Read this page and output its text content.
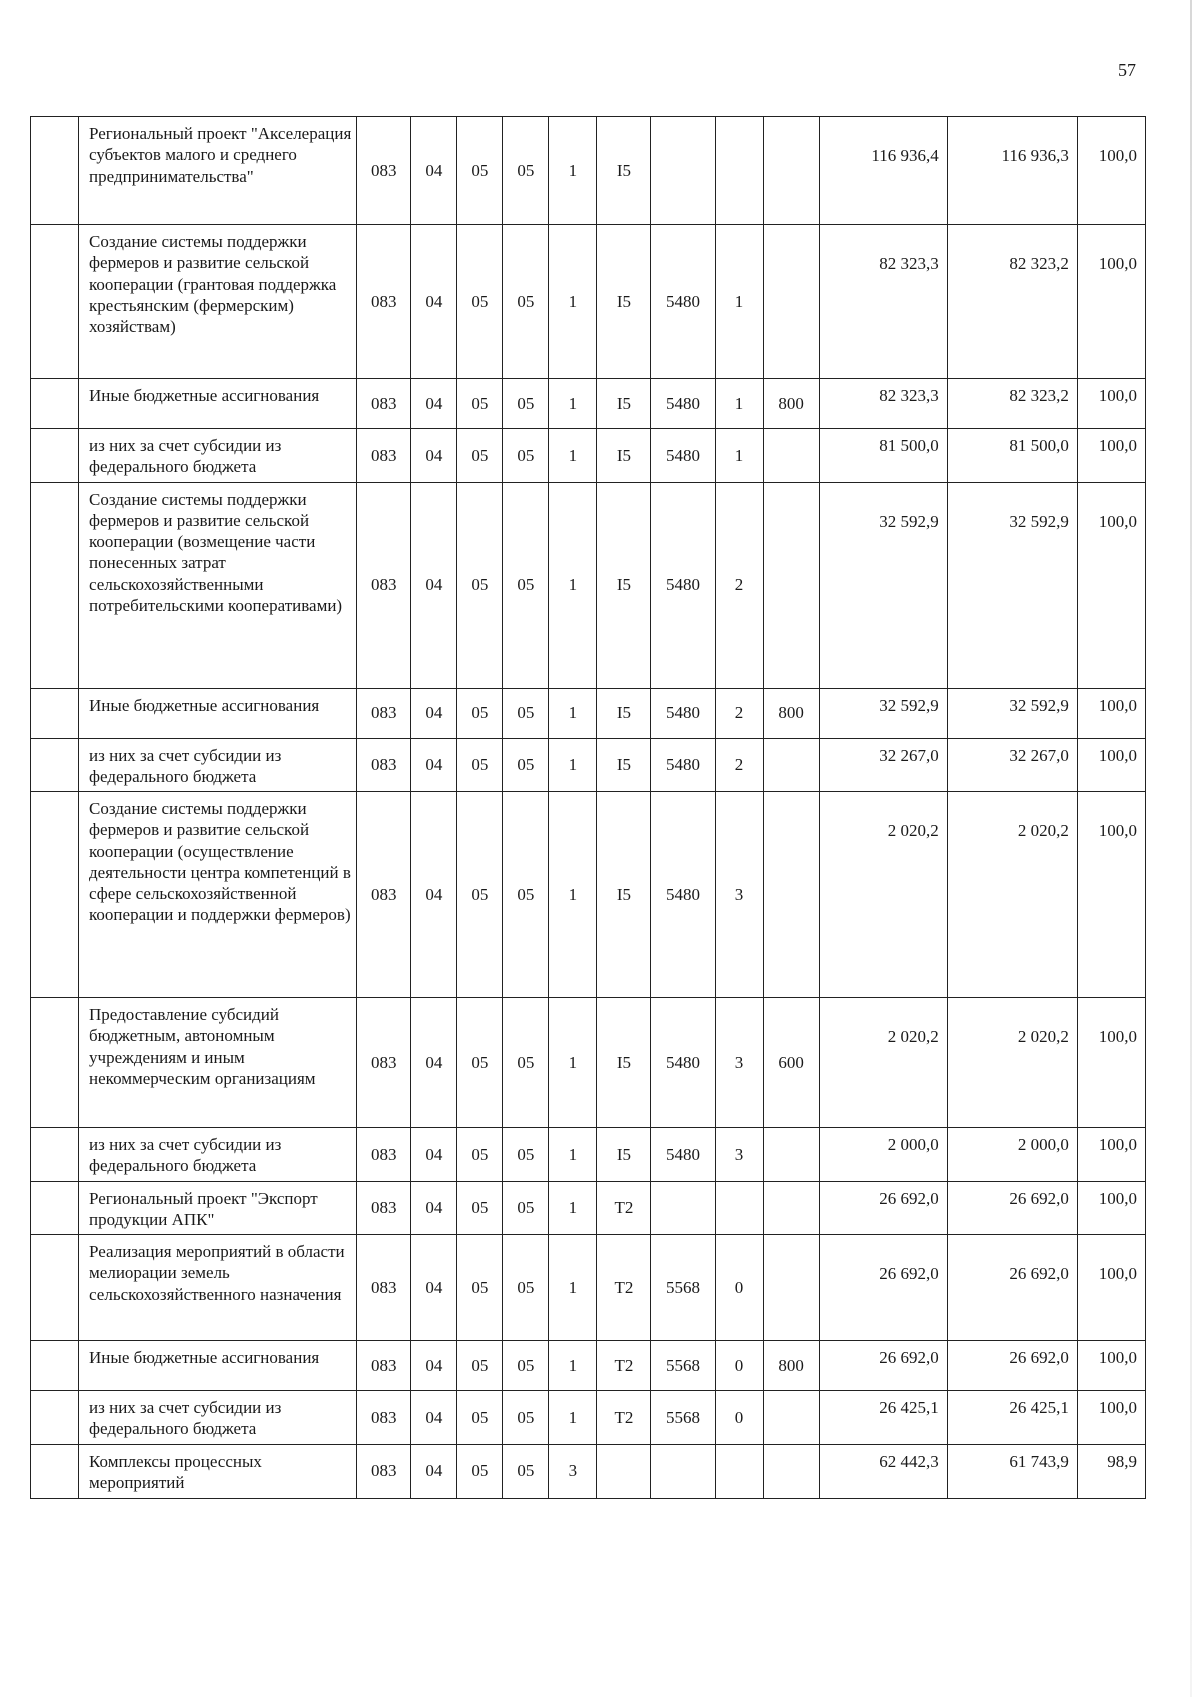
57
	Региональный проект "Акселерация субъектов малого и среднего предпринимательства"	083	04	05	05	1	I5				116 936,4	116 936,3	100,0
	Создание системы поддержки фермеров и развитие сельской кооперации (грантовая поддержка крестьянским (фермерским) хозяйствам)	083	04	05	05	1	I5	5480	1		82 323,3	82 323,2	100,0
	Иные бюджетные ассигнования	083	04	05	05	1	I5	5480	1	800	82 323,3	82 323,2	100,0
	из них за счет субсидии из федерального бюджета	083	04	05	05	1	I5	5480	1		81 500,0	81 500,0	100,0
	Создание системы поддержки фермеров и развитие сельской кооперации (возмещение части понесенных затрат сельскохозяйственными потребительскими кооперативами)	083	04	05	05	1	I5	5480	2		32 592,9	32 592,9	100,0
	Иные бюджетные ассигнования	083	04	05	05	1	I5	5480	2	800	32 592,9	32 592,9	100,0
	из них за счет субсидии из федерального бюджета	083	04	05	05	1	I5	5480	2		32 267,0	32 267,0	100,0
	Создание системы поддержки фермеров и развитие сельской кооперации (осуществление деятельности центра компетенций в сфере сельскохозяйственной кооперации и поддержки фермеров)	083	04	05	05	1	I5	5480	3		2 020,2	2 020,2	100,0
	Предоставление субсидий бюджетным, автономным учреждениям и иным некоммерческим организациям	083	04	05	05	1	I5	5480	3	600	2 020,2	2 020,2	100,0
	из них за счет субсидии из федерального бюджета	083	04	05	05	1	I5	5480	3		2 000,0	2 000,0	100,0
	Региональный проект "Экспорт продукции АПК"	083	04	05	05	1	T2				26 692,0	26 692,0	100,0
	Реализация мероприятий в области мелиорации земель сельскохозяйственного назначения	083	04	05	05	1	T2	5568	0		26 692,0	26 692,0	100,0
	Иные бюджетные ассигнования	083	04	05	05	1	T2	5568	0	800	26 692,0	26 692,0	100,0
	из них за счет субсидии из федерального бюджета	083	04	05	05	1	T2	5568	0		26 425,1	26 425,1	100,0
	Комплексы процессных мероприятий	083	04	05	05	3					62 442,3	61 743,9	98,9
